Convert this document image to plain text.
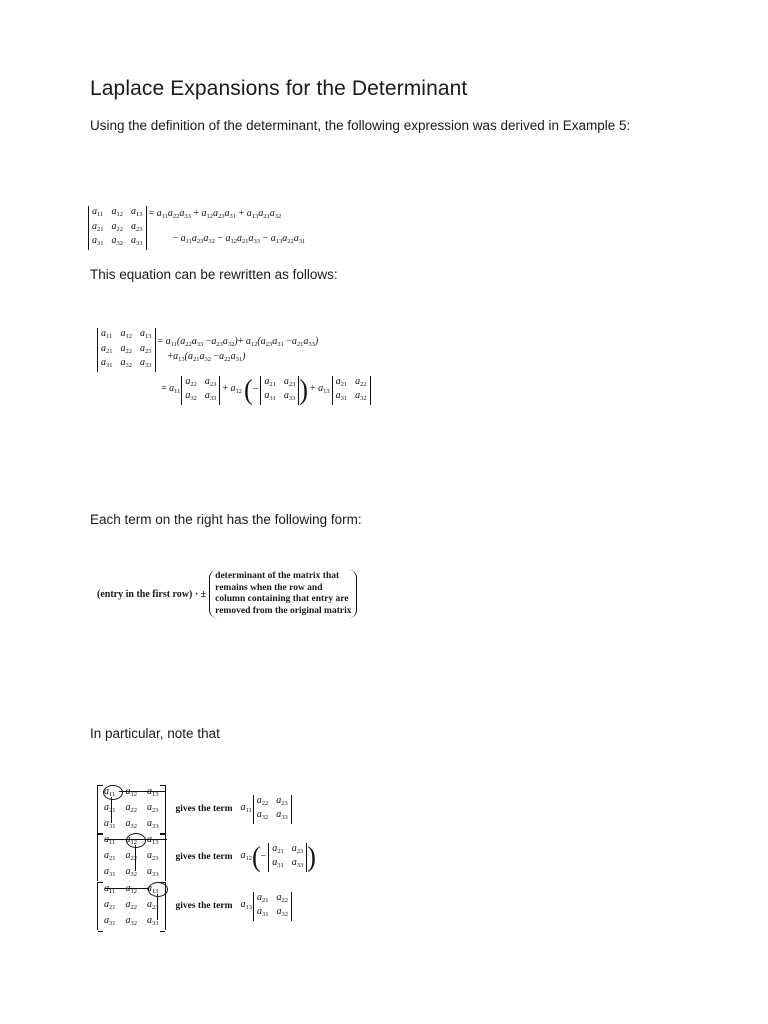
Laplace Expansions for the Determinant

Using the definition of the determinant, the following expression was derived in Example 5:

$a_{11}$ $a_{12}$ $a_{13}$
$a_{21}$ $a_{22}$ $a_{23}$
$a_{31}$ $a_{32}$ $a_{33}$
= $a_{11}a_{22}a_{33} + a_{12}a_{23}a_{31} + a_{13}a_{21}a_{32}$
− $a_{11}a_{23}a_{32} - a_{12}a_{21}a_{33} - a_{13}a_{22}a_{31}$

This equation can be rewritten as follows:

$a_{11}$ $a_{12}$ $a_{13}$
$a_{21}$ $a_{22}$ $a_{23}$
$a_{31}$ $a_{32}$ $a_{33}$
= $a_{11}(a_{22}a_{33} -a_{23}a_{32})+ a_{12}(a_{23}a_{31} -a_{21}a_{33})$
$+a_{13}(a_{21}a_{32} -a_{22}a_{31})$
= $a_{11}$
$a_{22}$ $a_{23}$
$a_{32}$ $a_{33}$
+ $a_{12}$ ( −
$a_{21}$ $a_{23}$
$a_{31}$ $a_{33}$ ) + $a_{13}$
$a_{21}$ $a_{22}$
$a_{31}$ $a_{32}$

Each term on the right has the following form:

(entry in the first row) · ±
determinant of the matrix that
remains when the row and
column containing that entry are
removed from the original matrix

In particular, note that

$a_{11}$ $a_{12}$ $a_{13}$
$a_{21}$ $a_{22}$ $a_{23}$
$a_{31}$ $a_{32}$ $a_{33}$
gives the term $a_{11}$
$a_{22}$ $a_{23}$
$a_{32}$ $a_{33}$
$a_{11}$ $a_{12}$ $a_{13}$
$a_{21}$ $a_{22}$ $a_{23}$
$a_{31}$ $a_{32}$ $a_{33}$
gives the term $a_{12}$ ( −
$a_{21}$ $a_{23}$
$a_{31}$ $a_{33}$ )
$a_{11}$ $a_{12}$ $a_{13}$
$a_{21}$ $a_{22}$ $a_{23}$
$a_{31}$ $a_{32}$ $a_{33}$
gives the term $a_{13}$
$a_{21}$ $a_{22}$
$a_{31}$ $a_{32}$
